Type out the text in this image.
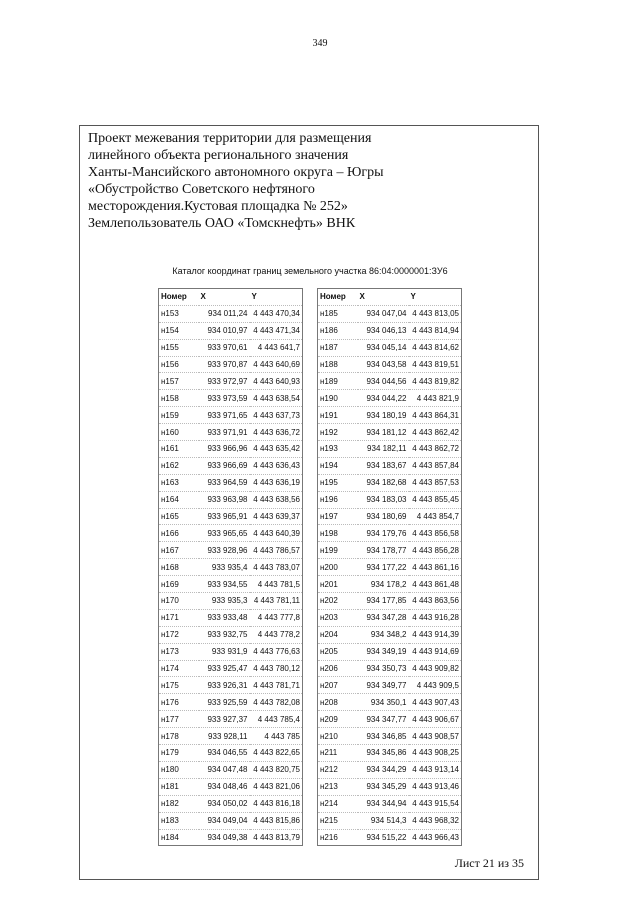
349
Проект межевания территории для размещения
линейного объекта регионального значения
Ханты-Мансийского автономного округа – Югры
«Обустройство Советского нефтяного
месторождения.Кустовая площадка № 252»
Землепользователь ОАО «Томскнефть» ВНК
Каталог координат границ земельного участка 86:04:0000001:ЗУ6
Номер	X	Y
н153	934 011,24	4 443 470,34
н154	934 010,97	4 443 471,34
н155	933 970,61	4 443 641,7
н156	933 970,87	4 443 640,69
н157	933 972,97	4 443 640,93
н158	933 973,59	4 443 638,54
н159	933 971,65	4 443 637,73
н160	933 971,91	4 443 636,72
н161	933 966,96	4 443 635,42
н162	933 966,69	4 443 636,43
н163	933 964,59	4 443 636,19
н164	933 963,98	4 443 638,56
н165	933 965,91	4 443 639,37
н166	933 965,65	4 443 640,39
н167	933 928,96	4 443 786,57
н168	933 935,4	4 443 783,07
н169	933 934,55	4 443 781,5
н170	933 935,3	4 443 781,11
н171	933 933,48	4 443 777,8
н172	933 932,75	4 443 778,2
н173	933 931,9	4 443 776,63
н174	933 925,47	4 443 780,12
н175	933 926,31	4 443 781,71
н176	933 925,59	4 443 782,08
н177	933 927,37	4 443 785,4
н178	933 928,11	4 443 785
н179	934 046,55	4 443 822,65
н180	934 047,48	4 443 820,75
н181	934 048,46	4 443 821,06
н182	934 050,02	4 443 816,18
н183	934 049,04	4 443 815,86
н184	934 049,38	4 443 813,79
Номер	X	Y
н185	934 047,04	4 443 813,05
н186	934 046,13	4 443 814,94
н187	934 045,14	4 443 814,62
н188	934 043,58	4 443 819,51
н189	934 044,56	4 443 819,82
н190	934 044,22	4 443 821,9
н191	934 180,19	4 443 864,31
н192	934 181,12	4 443 862,42
н193	934 182,11	4 443 862,72
н194	934 183,67	4 443 857,84
н195	934 182,68	4 443 857,53
н196	934 183,03	4 443 855,45
н197	934 180,69	4 443 854,7
н198	934 179,76	4 443 856,58
н199	934 178,77	4 443 856,28
н200	934 177,22	4 443 861,16
н201	934 178,2	4 443 861,48
н202	934 177,85	4 443 863,56
н203	934 347,28	4 443 916,28
н204	934 348,2	4 443 914,39
н205	934 349,19	4 443 914,69
н206	934 350,73	4 443 909,82
н207	934 349,77	4 443 909,5
н208	934 350,1	4 443 907,43
н209	934 347,77	4 443 906,67
н210	934 346,85	4 443 908,57
н211	934 345,86	4 443 908,25
н212	934 344,29	4 443 913,14
н213	934 345,29	4 443 913,46
н214	934 344,94	4 443 915,54
н215	934 514,3	4 443 968,32
н216	934 515,22	4 443 966,43
Лист 21 из 35
